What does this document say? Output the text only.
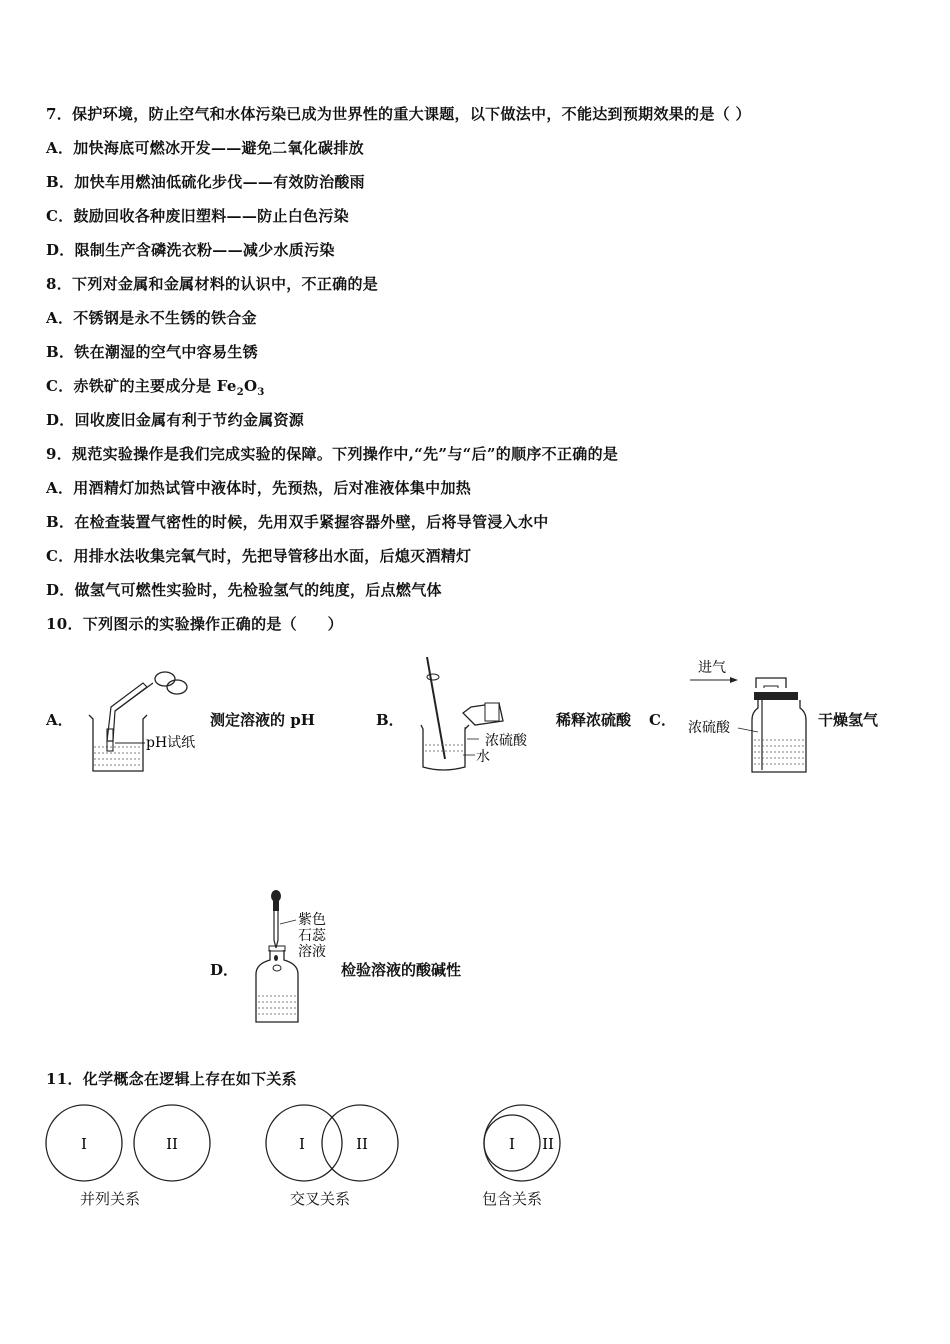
7．保护环境，防止空气和水体污染已成为世界性的重大课题，以下做法中，不能达到预期效果的是（ ）
A．加快海底可燃冰开发——避免二氧化碳排放
B．加快车用燃油低硫化步伐——有效防治酸雨
C．鼓励回收各种废旧塑料——防止白色污染
D．限制生产含磷洗衣粉——减少水质污染
8．下列对金属和金属材料的认识中，不正确的是
A．不锈钢是永不生锈的铁合金
B．铁在潮湿的空气中容易生锈
C．赤铁矿的主要成分是 $Fe_2O_3$
D．回收废旧金属有利于节约金属资源
9．规范实验操作是我们完成实验的保障。下列操作中,“先”与“后”的顺序不正确的是
A．用酒精灯加热试管中液体时，先预热，后对准液体集中加热
B．在检查装置气密性的时候，先用双手紧握容器外壁，后将导管浸入水中
C．用排水法收集完氧气时，先把导管移出水面，后熄灭酒精灯
D．做氢气可燃性实验时，先检验氢气的纯度，后点燃气体
10．下列图示的实验操作正确的是（　　）
A．
pH试纸
测定溶液的 pH	B．
浓硫酸
水
稀释浓硫酸 C．
进气
浓硫酸	干燥氢气
D．
紫色
石蕊
溶液
检验溶液的酸碱性
11．化学概念在逻辑上存在如下关系
I	II
并列关系
I	II
交叉关系
I II
包含关系
